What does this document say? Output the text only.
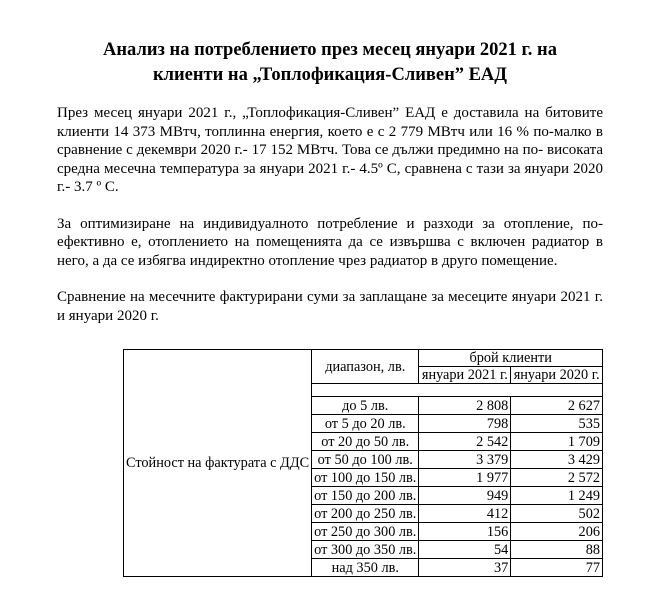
Анализ на потреблението през месец януари 2021 г. на
клиенти на „Топлофикация-Сливен” ЕАД

През месец януари 2021 г., „Топлофикация-Сливен” ЕАД е доставила на битовите клиенти 14 373 МВтч, топлинна енергия, което е с 2 779 МВтч или 16 % по-малко в сравнение с декември 2020 г.- 17 152 МВтч. Това се дължи предимно на по- високата средна месечна температура за януари 2021 г.- 4.5º С, сравнена с тази за януари 2020 г.- 3.7 º С.

За оптимизиране на индивидуалното потребление и разходи за отопление, по-ефективно е, отоплението на помещенията да се извършва с включен радиатор в него, а да се избягва индиректно отопление чрез радиатор в друго помещение.

Сравнение на месечните фактурирани суми за заплащане за месеците януари 2021 г. и януари 2020 г.

Стойност на фактурата с ДДС	диапазон, лв.	брой клиенти	
		януари 2021 г.	януари 2020 г.

	до 5 лв.	2 808	2 627
	от 5 до 20 лв.	798	535
	от 20 до 50 лв.	2 542	1 709
	от 50 до 100 лв.	3 379	3 429
	от 100 до 150 лв.	1 977	2 572
	от 150 до 200 лв.	949	1 249
	от 200 до 250 лв.	412	502
	от 250 до 300 лв.	156	206
	от 300 до 350 лв.	54	88
	над 350 лв.	37	77
